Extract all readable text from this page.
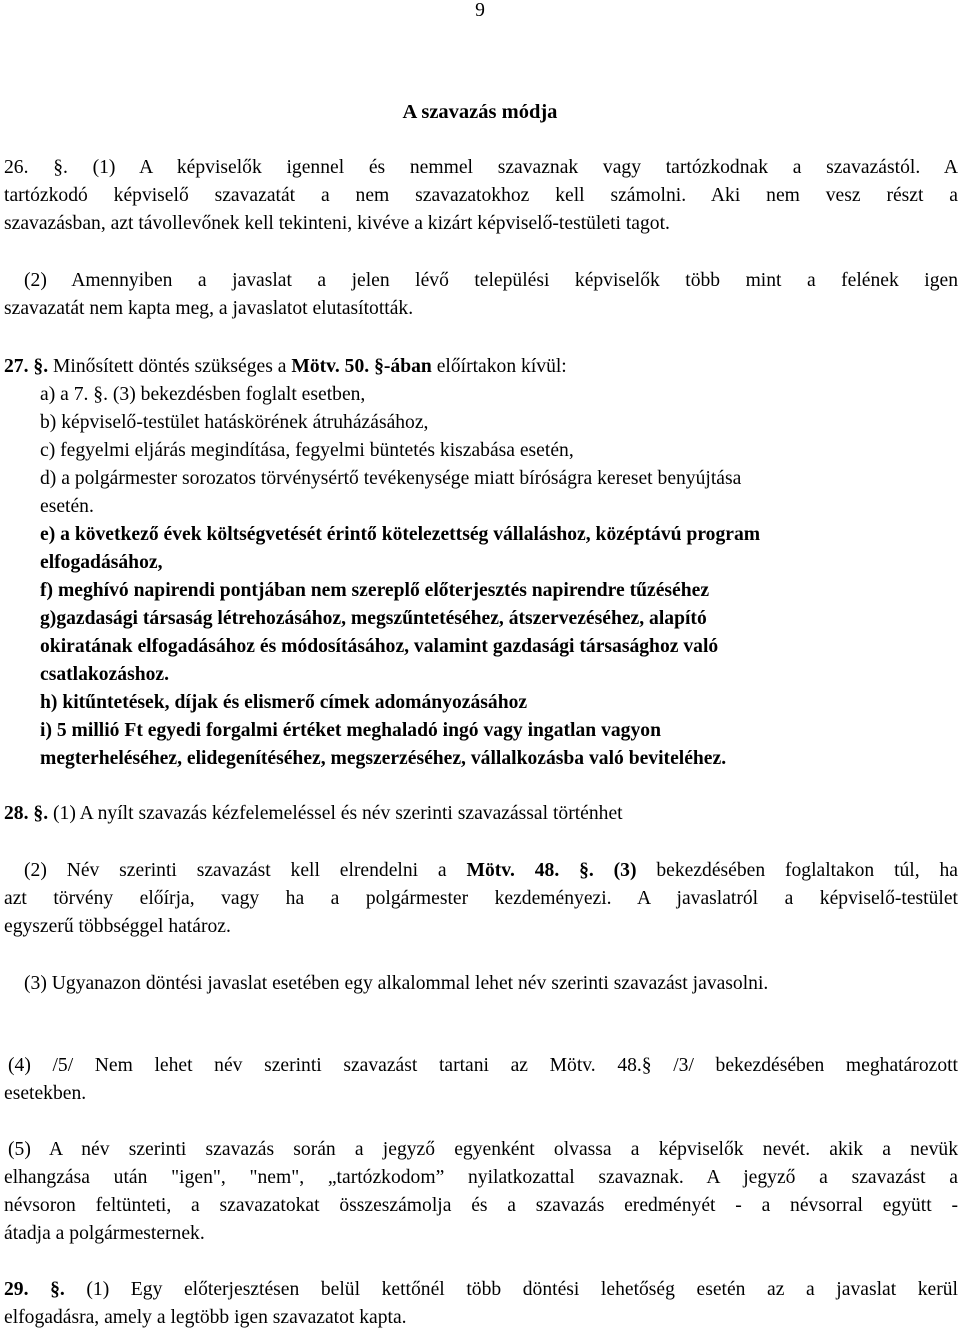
9

A szavazás módja

26. §. (1) A képviselők igennel és nemmel szavaznak vagy tartózkodnak a szavazástól. A

tartózkodó képviselő szavazatát a nem szavazatokhoz kell számolni. Aki nem vesz részt a

szavazásban, azt távollevőnek kell tekinteni, kivéve a kizárt képviselő-testületi tagot.

(2) Amennyiben a javaslat a jelen lévő települési képviselők több mint a felének igen

szavazatát nem kapta meg, a javaslatot elutasították.

27. §. Minősített döntés szükséges a Mötv. 50. §-ában előírtakon kívül:

a) a 7. §. (3) bekezdésben foglalt esetben,

b) képviselő-testület hatáskörének átruházásához,

c) fegyelmi eljárás megindítása, fegyelmi büntetés kiszabása esetén,

d) a polgármester sorozatos törvénysértő tevékenysége miatt bíróságra kereset benyújtása

esetén.

e) a következő évek költségvetését érintő kötelezettség vállaláshoz, középtávú program

elfogadásához,

f) meghívó napirendi pontjában nem szereplő előterjesztés napirendre tűzéséhez

g)gazdasági társaság létrehozásához, megszűntetéséhez, átszervezéséhez, alapító

okiratának elfogadásához és módosításához, valamint gazdasági társasághoz való

csatlakozáshoz.

h) kitűntetések, díjak és elismerő címek adományozásához

i) 5 millió Ft egyedi forgalmi értéket meghaladó ingó vagy ingatlan vagyon

megterheléséhez, elidegenítéséhez, megszerzéséhez, vállalkozásba való beviteléhez.

28. §. (1) A nyílt szavazás kézfelemeléssel és név szerinti szavazással történhet

(2) Név szerinti szavazást kell elrendelni a Mötv. 48. §. (3) bekezdésében foglaltakon túl, ha

azt törvény előírja, vagy ha a polgármester kezdeményezi. A javaslatról a képviselő-testület

egyszerű többséggel határoz.

(3) Ugyanazon döntési javaslat esetében egy alkalommal lehet név szerinti szavazást javasolni.

(4) /5/ Nem lehet név szerinti szavazást tartani az Mötv. 48.§ /3/ bekezdésében meghatározott

esetekben.

(5) A név szerinti szavazás során a jegyző egyenként olvassa a képviselők nevét. akik a nevük

elhangzása után "igen", "nem", „tartózkodom” nyilatkozattal szavaznak. A jegyző a szavazást a

névsoron feltünteti, a szavazatokat összeszámolja és a szavazás eredményét - a névsorral együtt -

átadja a polgármesternek.

29. §. (1) Egy előterjesztésen belül kettőnél több döntési lehetőség esetén az a javaslat kerül

elfogadásra, amely a legtöbb igen szavazatot kapta.
